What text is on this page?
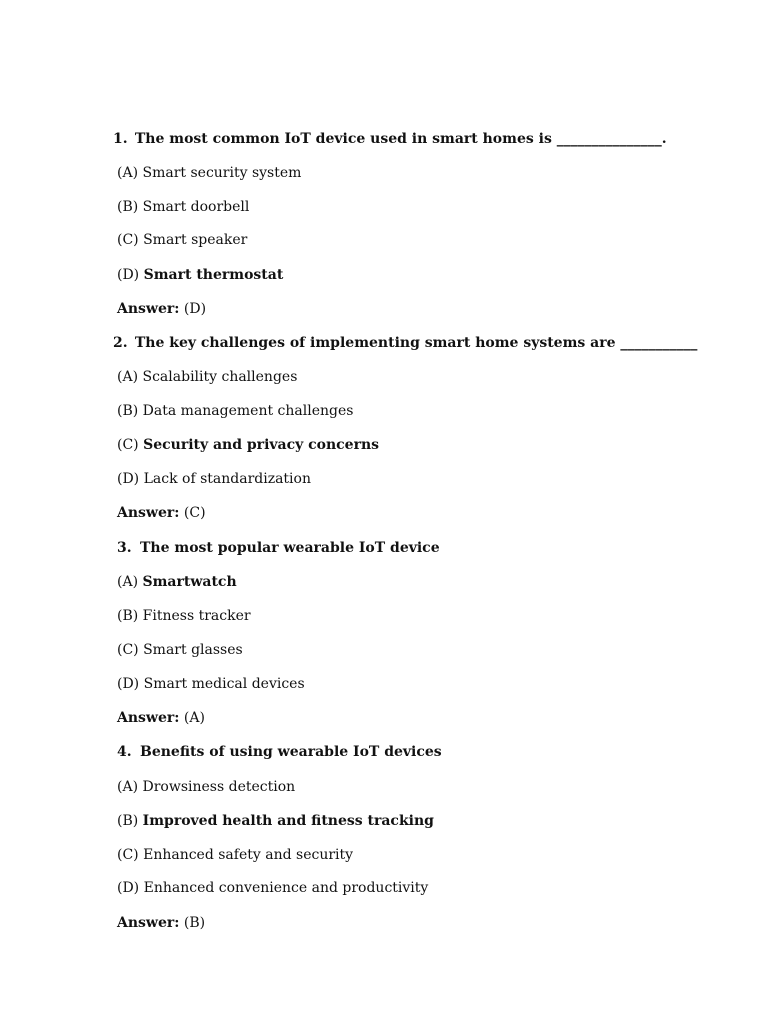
1. The most common IoT device used in smart homes is _______________.
(A) Smart security system
(B) Smart doorbell
(C) Smart speaker
(D) Smart thermostat
Answer: (D)
2. The key challenges of implementing smart home systems are ___________
(A) Scalability challenges
(B) Data management challenges
(C) Security and privacy concerns
(D) Lack of standardization
Answer: (C)
3. The most popular wearable IoT device
(A) Smartwatch
(B) Fitness tracker
(C) Smart glasses
(D) Smart medical devices
Answer: (A)
4. Benefits of using wearable IoT devices
(A) Drowsiness detection
(B) Improved health and fitness tracking
(C) Enhanced safety and security
(D) Enhanced convenience and productivity
Answer: (B)
